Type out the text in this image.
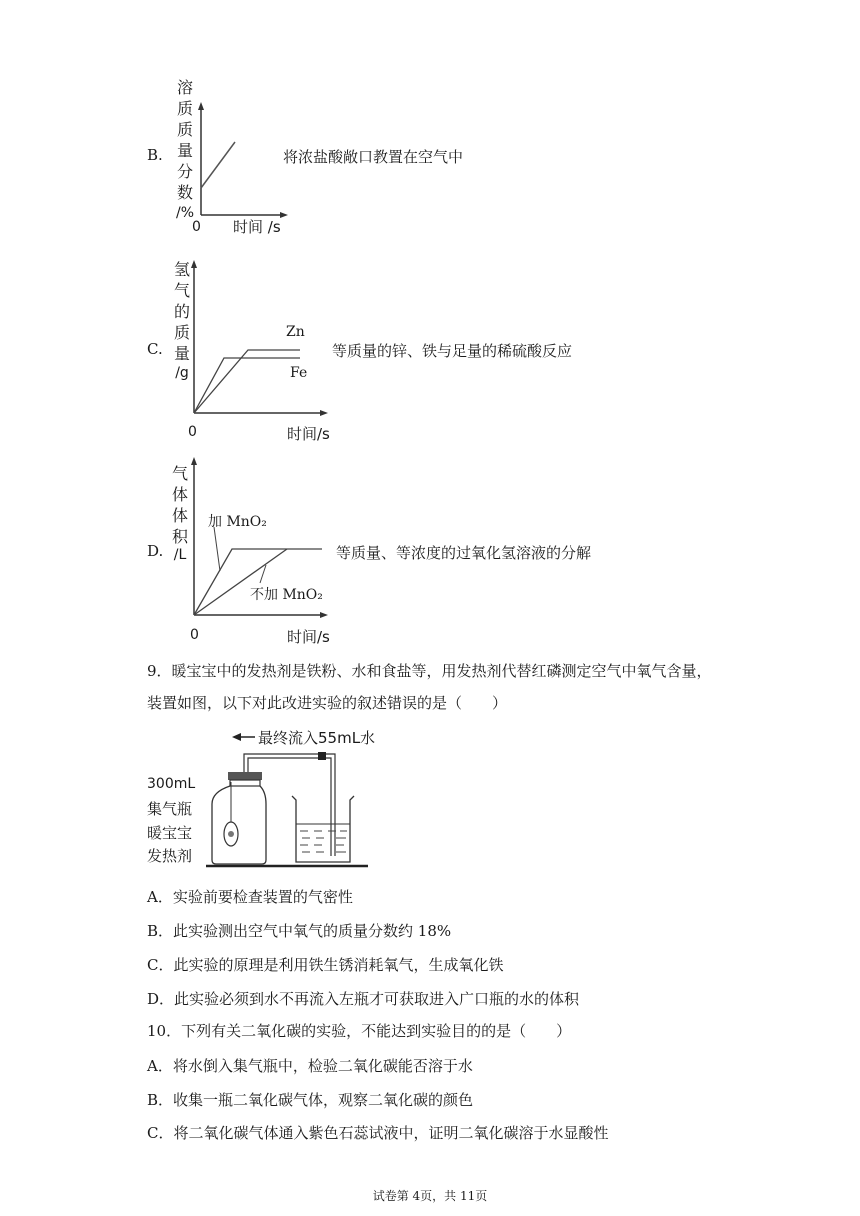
B.
溶
质
质
量
分
数
/%
0 时间 /s
将浓盐酸敞口教置在空气中
C.
氢
气
的
质
量
/g
Zn
Fe
0	时间/s
等质量的锌、铁与足量的稀硫酸反应
D.
气
体
体
积
/L
加 MnO₂
不加 MnO₂
0	时间/s
等质量、等浓度的过氧化氢溶液的分解
9．暖宝宝中的发热剂是铁粉、水和食盐等，用发热剂代替红磷测定空气中氧气含量，
装置如图，以下对此改进实验的叙述错误的是（　　）
最终流入55mL水
300mL
集气瓶
暖宝宝
发热剂
A．实验前要检查装置的气密性
B．此实验测出空气中氧气的质量分数约 18%
C．此实验的原理是利用铁生锈消耗氧气，生成氧化铁
D．此实验必须到水不再流入左瓶才可获取进入广口瓶的水的体积
10．下列有关二氧化碳的实验，不能达到实验目的的是（　　）
A．将水倒入集气瓶中，检验二氧化碳能否溶于水
B．收集一瓶二氧化碳气体，观察二氧化碳的颜色
C．将二氧化碳气体通入紫色石蕊试液中，证明二氧化碳溶于水显酸性
试卷第 4页，共 11页
